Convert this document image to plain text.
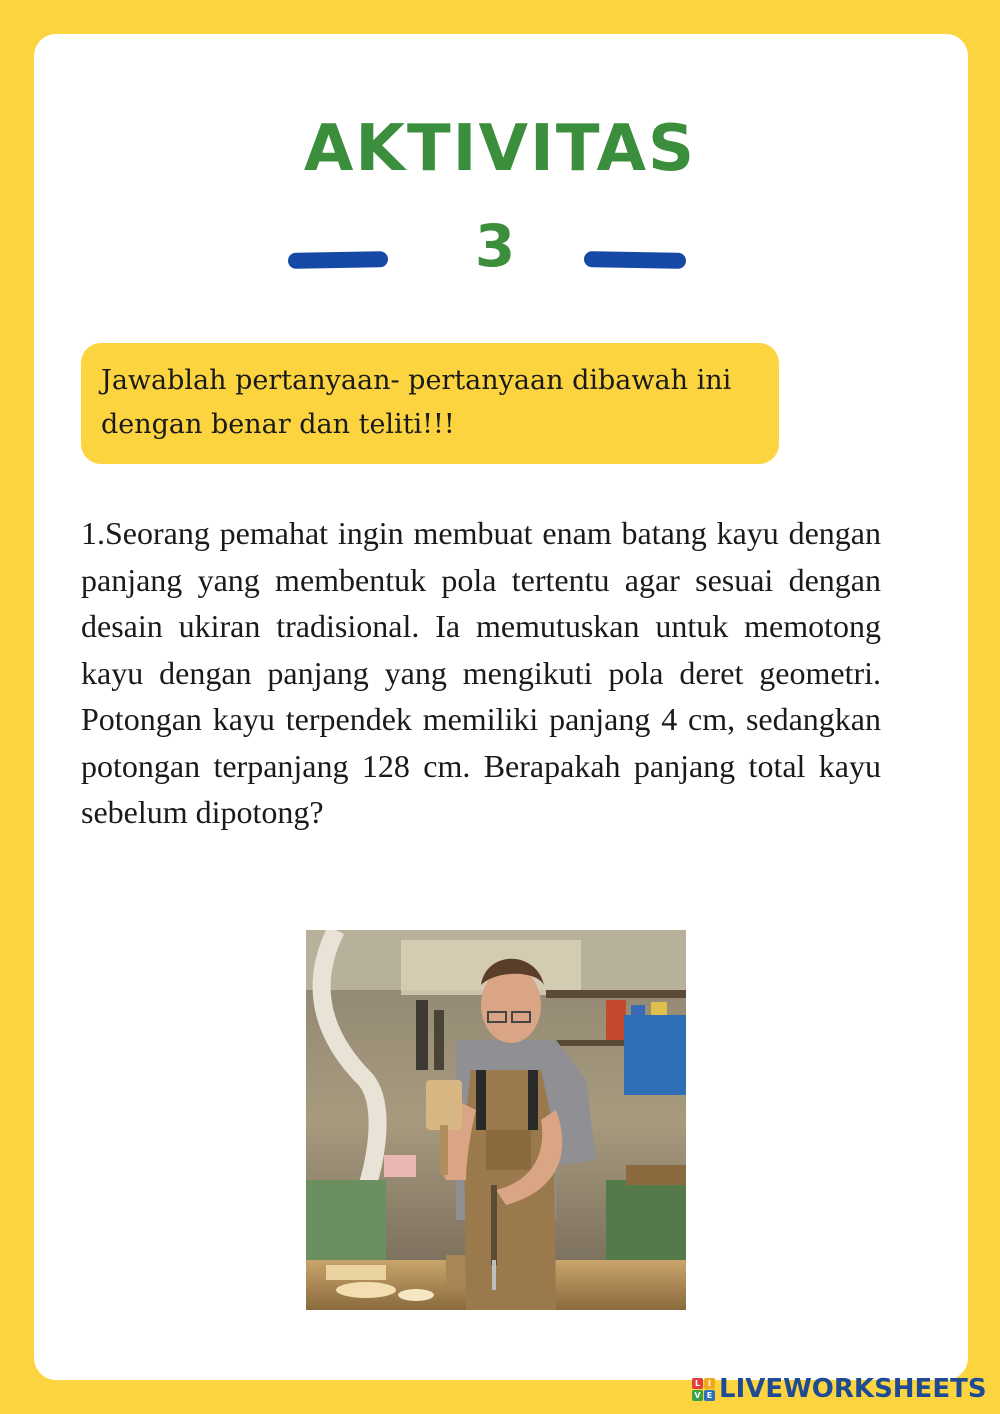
AKTIVITAS
3
Jawablah pertanyaan- pertanyaan dibawah ini dengan benar dan teliti!!!

1.Seorang pemahat ingin membuat enam batang kayu dengan panjang yang membentuk pola tertentu agar sesuai dengan desain ukiran tradisional. Ia memutuskan untuk memotong kayu dengan panjang yang mengikuti pola deret geometri. Potongan kayu terpendek memiliki panjang 4 cm, sedangkan potongan terpanjang 128 cm. Berapakah panjang total kayu sebelum dipotong?

L I
V E LIVEWORKSHEETS
